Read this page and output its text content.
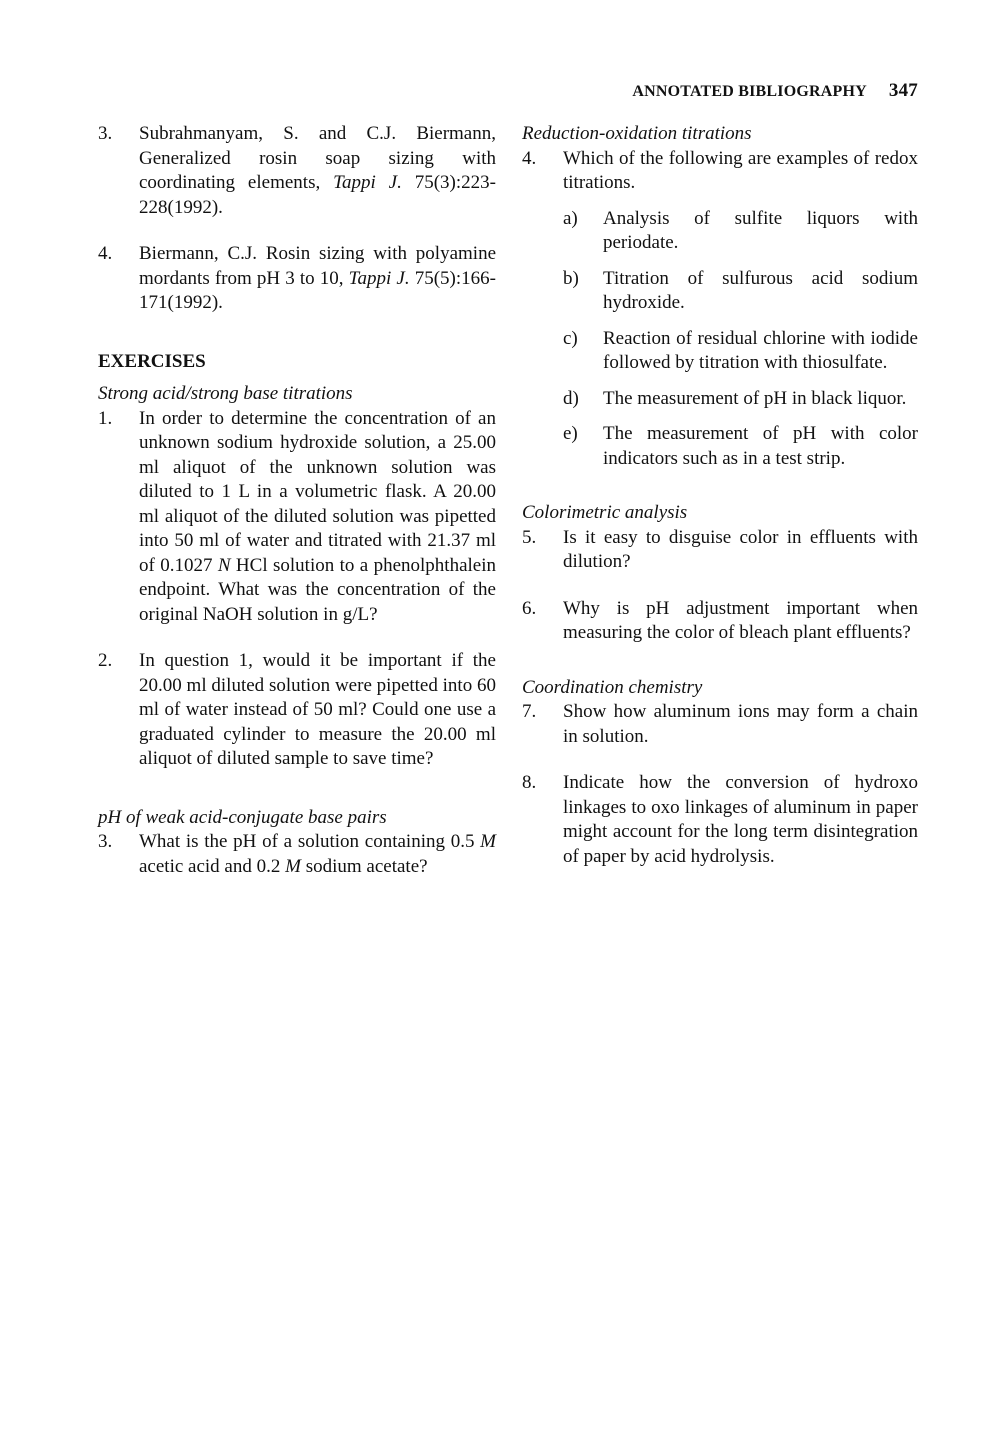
ANNOTATED BIBLIOGRAPHY 347
3.	Subrahmanyam, S. and C.J. Biermann, Generalized rosin soap sizing with coordinating elements, Tappi J. 75(3):223-228(1992).
4.	Biermann, C.J. Rosin sizing with polyamine mordants from pH 3 to 10, Tappi J. 75(5):166-171(1992).
EXERCISES

Strong acid/strong base titrations

1.	In order to determine the concentration of an unknown sodium hydroxide solution, a 25.00 ml aliquot of the unknown solution was diluted to 1 L in a volumetric flask. A 20.00 ml aliquot of the diluted solution was pipetted into 50 ml of water and titrated with 21.37 ml of 0.1027 N HCl solution to a phenolphthalein endpoint. What was the concentration of the original NaOH solution in g/L?
2.	In question 1, would it be important if the 20.00 ml diluted solution were pipetted into 60 ml of water instead of 50 ml? Could one use a graduated cylinder to measure the 20.00 ml aliquot of diluted sample to save time?

pH of weak acid-conjugate base pairs

3.	What is the pH of a solution containing 0.5 M acetic acid and 0.2 M sodium acetate?

Reduction-oxidation titrations

4.	Which of the following are examples of redox titrations.
a)	Analysis of sulfite liquors with periodate.
b)	Titration of sulfurous acid sodium hydroxide.
c)	Reaction of residual chlorine with iodide followed by titration with thiosulfate.
d)	The measurement of pH in black liquor.
e)	The measurement of pH with color indicators such as in a test strip.

Colorimetric analysis

5.	Is it easy to disguise color in effluents with dilution?
6.	Why is pH adjustment important when measuring the color of bleach plant effluents?

Coordination chemistry

7.	Show how aluminum ions may form a chain in solution.
8.	Indicate how the conversion of hydroxo linkages to oxo linkages of aluminum in paper might account for the long term disintegration of paper by acid hydrolysis.
